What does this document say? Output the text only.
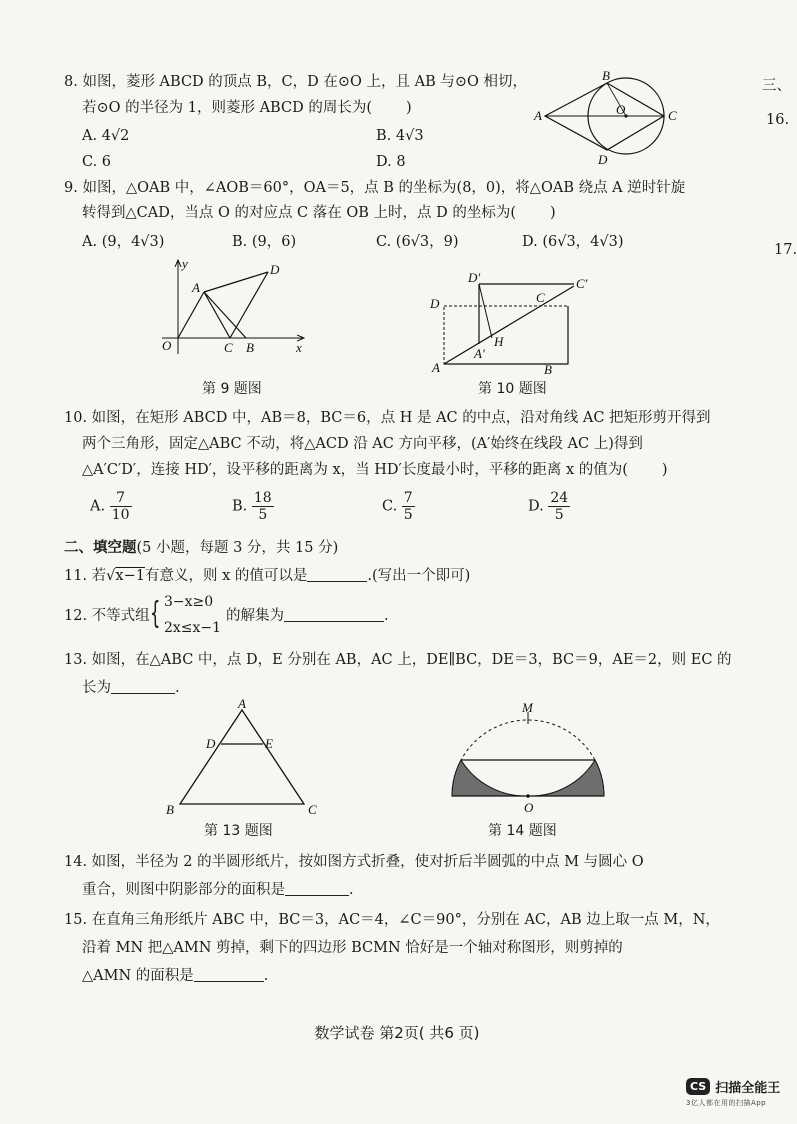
8. 如图，菱形 ABCD 的顶点 B，C，D 在⊙O 上，且 AB 与⊙O 相切，
若⊙O 的半径为 1，则菱形 ABCD 的周长为( )
A. 4√2	B. 4√3
C. 6	D. 8
A
B
O	C
D
9. 如图，△OAB 中，∠AOB＝60°，OA＝5，点 B 的坐标为(8，0)，将△OAB 绕点 A 逆时针旋
转得到△CAD，当点 O 的对应点 C 落在 OB 上时，点 D 的坐标为( )
A. (9，4√3)	B. (9，6)	C. (6√3，9)	D. (6√3，4√3)
y	D
A
O	C B	x
第 9 题图
D′	C′
D	C
H
A′
A	B
第 10 题图
10. 如图，在矩形 ABCD 中，AB＝8，BC＝6，点 H 是 AC 的中点，沿对角线 AC 把矩形剪开得到
两个三角形，固定△ABC 不动，将△ACD 沿 AC 方向平移，(A′始终在线段 AC 上)得到
△A′C′D′，连接 HD′，设平移的距离为 x，当 HD′长度最小时，平移的距离 x 的值为( )
A. $\frac{7}{10}$	B. $\frac{18}{5}$	C. $\frac{7}{5}$	D. $\frac{24}{5}$
二、填空题(5 小题，每题 3 分，共 15 分)
11. 若√x−1有意义，则 x 的值可以是	.(写出一个即可)
12. 不等式组 { 3−x≥0
2x≤x−1
的解集为	.
13. 如图，在△ABC 中，点 D，E 分别在 AB，AC 上，DE∥BC，DE＝3，BC＝9，AE＝2，则 EC 的
长为	.
A
D	E
B	C
第 13 题图
M
O
第 14 题图
14. 如图，半径为 2 的半圆形纸片，按如图方式折叠，使对折后半圆弧的中点 M 与圆心 O
重合，则图中阴影部分的面积是	.
15. 在直角三角形纸片 ABC 中，BC＝3，AC＝4，∠C＝90°，分别在 AC，AB 边上取一点 M，N，
沿着 MN 把△AMN 剪掉，剩下的四边形 BCMN 恰好是一个轴对称图形，则剪掉的
△AMN 的面积是	.
三、
16.
17.
数学试卷 第2页( 共6 页)
CS 扫描全能王
3亿人都在用的扫描App
